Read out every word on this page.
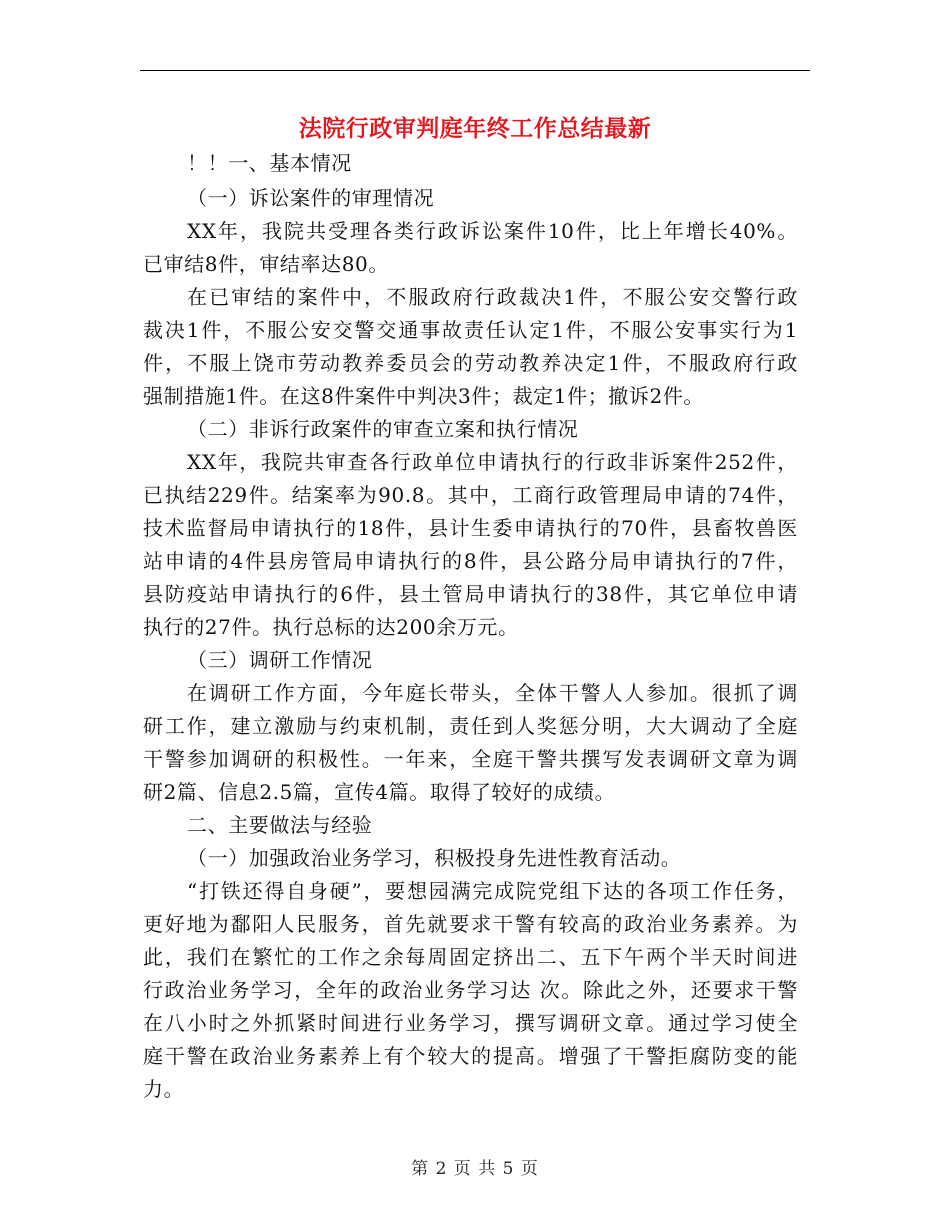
法院行政审判庭年终工作总结最新
！！一、基本情况
（一）诉讼案件的审理情况
XX年，我院共受理各类行政诉讼案件10件，比上年增长40%。
已审结8件，审结率达80。
在已审结的案件中，不服政府行政裁决1件，不服公安交警行政
裁决1件，不服公安交警交通事故责任认定1件，不服公安事实行为1
件，不服上饶市劳动教养委员会的劳动教养决定1件，不服政府行政
强制措施1件。在这8件案件中判决3件；裁定1件；撤诉2件。
（二）非诉行政案件的审查立案和执行情况
XX年，我院共审查各行政单位申请执行的行政非诉案件252件，
已执结229件。结案率为90.8。其中，工商行政管理局申请的74件，
技术监督局申请执行的18件，县计生委申请执行的70件，县畜牧兽医
站申请的4件县房管局申请执行的8件，县公路分局申请执行的7件，
县防疫站申请执行的6件，县土管局申请执行的38件，其它单位申请
执行的27件。执行总标的达200余万元。
（三）调研工作情况
在调研工作方面，今年庭长带头，全体干警人人参加。很抓了调
研工作，建立激励与约束机制，责任到人奖惩分明，大大调动了全庭
干警参加调研的积极性。一年来，全庭干警共撰写发表调研文章为调
研2篇、信息2.5篇，宣传4篇。取得了较好的成绩。
二、主要做法与经验
（一）加强政治业务学习，积极投身先进性教育活动。
“打铁还得自身硬”，要想园满完成院党组下达的各项工作任务，
更好地为鄱阳人民服务，首先就要求干警有较高的政治业务素养。为
此，我们在繁忙的工作之余每周固定挤出二、五下午两个半天时间进
行政治业务学习，全年的政治业务学习达 次。除此之外，还要求干警
在八小时之外抓紧时间进行业务学习，撰写调研文章。通过学习使全
庭干警在政治业务素养上有个较大的提高。增强了干警拒腐防变的能
力。
第 2 页 共 5 页
